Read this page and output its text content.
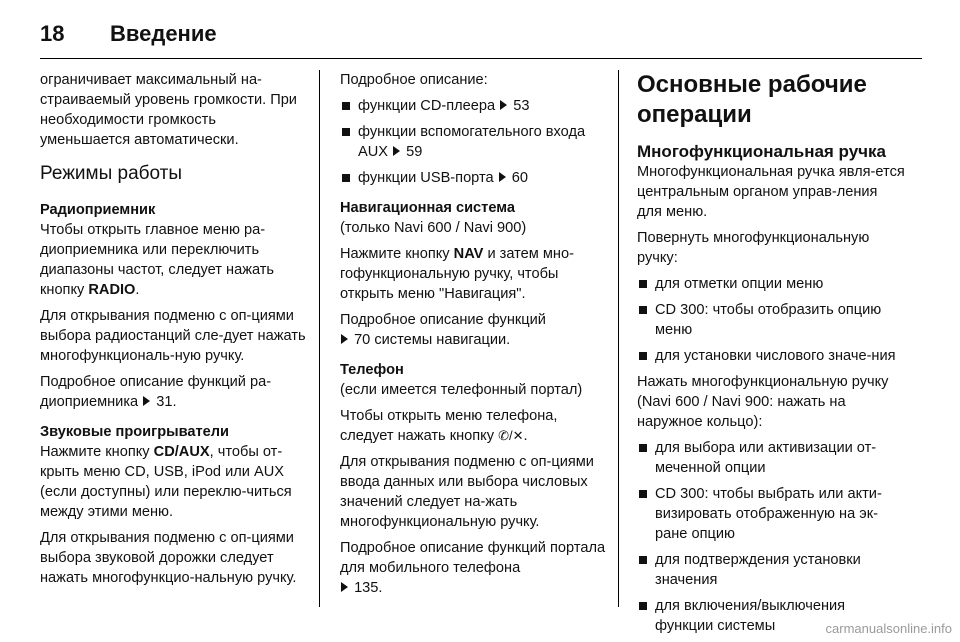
18	Введение

ограничивает максимальный на-страиваемый уровень громкости. При необходимости громкость уменьшается автоматически.

Режимы работы
Радиоприемник

Чтобы открыть главное меню ра-диоприемника или переключить диапазоны частот, следует нажать кнопку RADIO.

Для открывания подменю с оп-циями выбора радиостанций сле-дует нажать многофункциональ-ную ручку.

Подробное описание функций ра-диоприемника  31.

Звуковые проигрыватели

Нажмите кнопку CD/AUX, чтобы от-крыть меню CD, USB, iPod или AUX (если доступны) или переклю-читься между этими меню.

Для открывания подменю с оп-циями выбора звуковой дорожки следует нажать многофункцио-нальную ручку.

Подробное описание:

функции CD-плеера  53
функции вспомогательного входа AUX  59
функции USB-порта  60
Навигационная система

(только Navi 600 / Navi 900)

Нажмите кнопку NAV и затем мно-гофункциональную ручку, чтобы открыть меню "Навигация".

Подробное описание функций
70 системы навигации.

Телефон

(если имеется телефонный портал)

Чтобы открыть меню телефона, следует нажать кнопку ✆/✕.

Для открывания подменю с оп-циями ввода данных или выбора числовых значений следует на-жать многофункциональную ручку.

Подробное описание функций портала для мобильного телефона
135.

Основные рабочие операции
Многофункциональная ручка

Многофункциональная ручка явля-ется центральным органом управ-ления для меню.

Повернуть многофункциональную ручку:

для отметки опции меню
CD 300: чтобы отобразить опцию меню
для установки числового значе-ния

Нажать многофункциональную ручку (Navi 600 / Navi 900: нажать на наружное кольцо):

для выбора или активизации от-меченной опции
CD 300: чтобы выбрать или акти-визировать отображенную на эк-ране опцию
для подтверждения установки значения
для включения/выключения функции системы	carmanualsonline.info
